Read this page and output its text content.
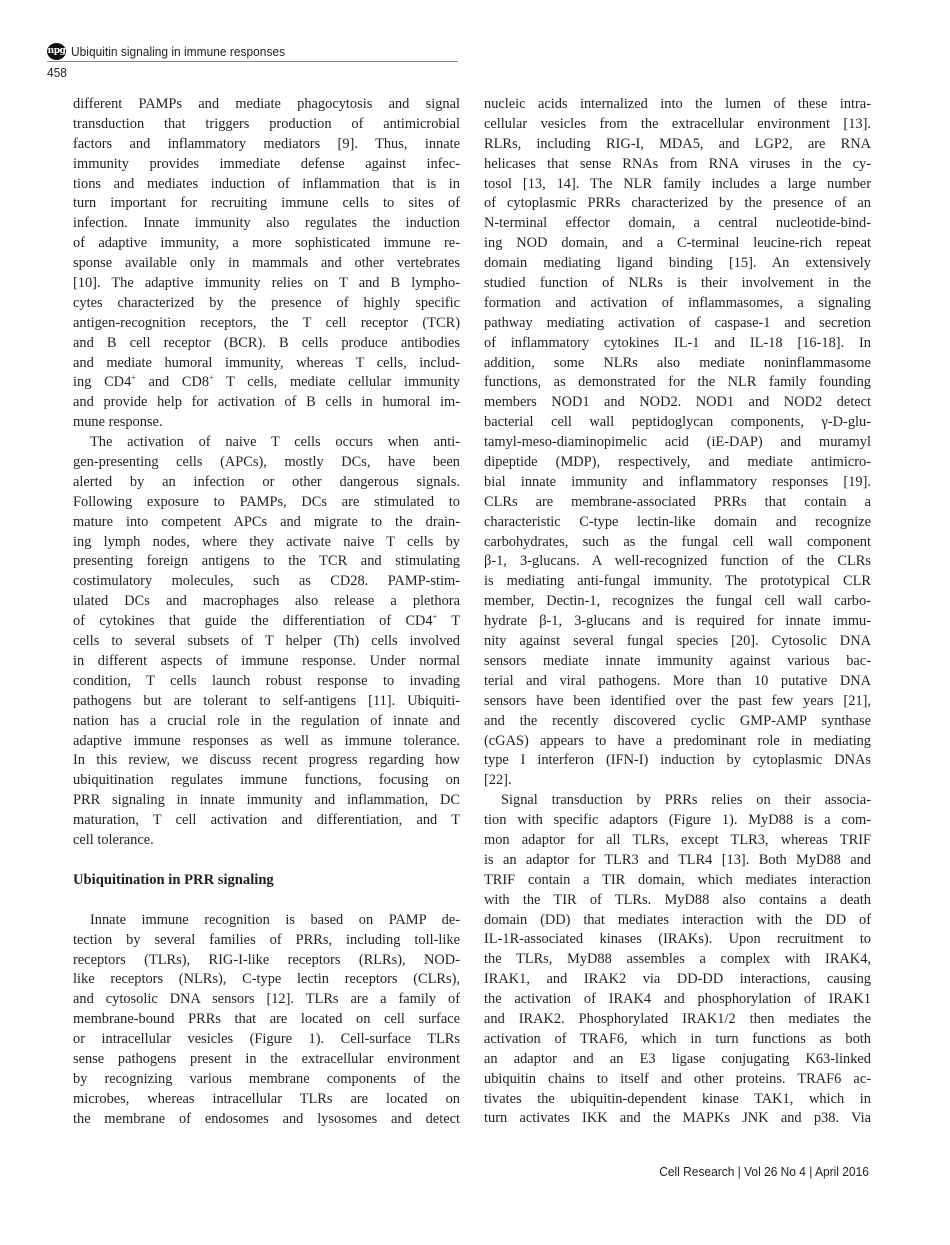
npg Ubiquitin signaling in immune responses
458
different PAMPs and mediate phagocytosis and signal
transduction that triggers production of antimicrobial
factors and inflammatory mediators [9]. Thus, innate
immunity provides immediate defense against infec-
tions and mediates induction of inflammation that is in
turn important for recruiting immune cells to sites of
infection. Innate immunity also regulates the induction
of adaptive immunity, a more sophisticated immune re-
sponse available only in mammals and other vertebrates
[10]. The adaptive immunity relies on T and B lympho-
cytes characterized by the presence of highly specific
antigen-recognition receptors, the T cell receptor (TCR)
and B cell receptor (BCR). B cells produce antibodies
and mediate humoral immunity, whereas T cells, includ-
ing CD4+ and CD8+ T cells, mediate cellular immunity
and provide help for activation of B cells in humoral im-
mune response.
The activation of naive T cells occurs when anti-
gen-presenting cells (APCs), mostly DCs, have been
alerted by an infection or other dangerous signals.
Following exposure to PAMPs, DCs are stimulated to
mature into competent APCs and migrate to the drain-
ing lymph nodes, where they activate naive T cells by
presenting foreign antigens to the TCR and stimulating
costimulatory molecules, such as CD28. PAMP-stim-
ulated DCs and macrophages also release a plethora
of cytokines that guide the differentiation of CD4+ T
cells to several subsets of T helper (Th) cells involved
in different aspects of immune response. Under normal
condition, T cells launch robust response to invading
pathogens but are tolerant to self-antigens [11]. Ubiquiti-
nation has a crucial role in the regulation of innate and
adaptive immune responses as well as immune tolerance.
In this review, we discuss recent progress regarding how
ubiquitination regulates immune functions, focusing on
PRR signaling in innate immunity and inflammation, DC
maturation, T cell activation and differentiation, and T
cell tolerance.
Ubiquitination in PRR signaling
Innate immune recognition is based on PAMP de-
tection by several families of PRRs, including toll-like
receptors (TLRs), RIG-I-like receptors (RLRs), NOD-
like receptors (NLRs), C-type lectin receptors (CLRs),
and cytosolic DNA sensors [12]. TLRs are a family of
membrane-bound PRRs that are located on cell surface
or intracellular vesicles (Figure 1). Cell-surface TLRs
sense pathogens present in the extracellular environment
by recognizing various membrane components of the
microbes, whereas intracellular TLRs are located on
the membrane of endosomes and lysosomes and detect
nucleic acids internalized into the lumen of these intra-
cellular vesicles from the extracellular environment [13].
RLRs, including RIG-I, MDA5, and LGP2, are RNA
helicases that sense RNAs from RNA viruses in the cy-
tosol [13, 14]. The NLR family includes a large number
of cytoplasmic PRRs characterized by the presence of an
N-terminal effector domain, a central nucleotide-bind-
ing NOD domain, and a C-terminal leucine-rich repeat
domain mediating ligand binding [15]. An extensively
studied function of NLRs is their involvement in the
formation and activation of inflammasomes, a signaling
pathway mediating activation of caspase-1 and secretion
of inflammatory cytokines IL-1 and IL-18 [16-18]. In
addition, some NLRs also mediate noninflammasome
functions, as demonstrated for the NLR family founding
members NOD1 and NOD2. NOD1 and NOD2 detect
bacterial cell wall peptidoglycan components, γ-D-glu-
tamyl-meso-diaminopimelic acid (iE-DAP) and muramyl
dipeptide (MDP), respectively, and mediate antimicro-
bial innate immunity and inflammatory responses [19].
CLRs are membrane-associated PRRs that contain a
characteristic C-type lectin-like domain and recognize
carbohydrates, such as the fungal cell wall component
β-1, 3-glucans. A well-recognized function of the CLRs
is mediating anti-fungal immunity. The prototypical CLR
member, Dectin-1, recognizes the fungal cell wall carbo-
hydrate β-1, 3-glucans and is required for innate immu-
nity against several fungal species [20]. Cytosolic DNA
sensors mediate innate immunity against various bac-
terial and viral pathogens. More than 10 putative DNA
sensors have been identified over the past few years [21],
and the recently discovered cyclic GMP-AMP synthase
(cGAS) appears to have a predominant role in mediating
type I interferon (IFN-I) induction by cytoplasmic DNAs
[22].
Signal transduction by PRRs relies on their associa-
tion with specific adaptors (Figure 1). MyD88 is a com-
mon adaptor for all TLRs, except TLR3, whereas TRIF
is an adaptor for TLR3 and TLR4 [13]. Both MyD88 and
TRIF contain a TIR domain, which mediates interaction
with the TIR of TLRs. MyD88 also contains a death
domain (DD) that mediates interaction with the DD of
IL-1R-associated kinases (IRAKs). Upon recruitment to
the TLRs, MyD88 assembles a complex with IRAK4,
IRAK1, and IRAK2 via DD-DD interactions, causing
the activation of IRAK4 and phosphorylation of IRAK1
and IRAK2. Phosphorylated IRAK1/2 then mediates the
activation of TRAF6, which in turn functions as both
an adaptor and an E3 ligase conjugating K63-linked
ubiquitin chains to itself and other proteins. TRAF6 ac-
tivates the ubiquitin-dependent kinase TAK1, which in
turn activates IKK and the MAPKs JNK and p38. Via
Cell Research | Vol 26 No 4 | April 2016
